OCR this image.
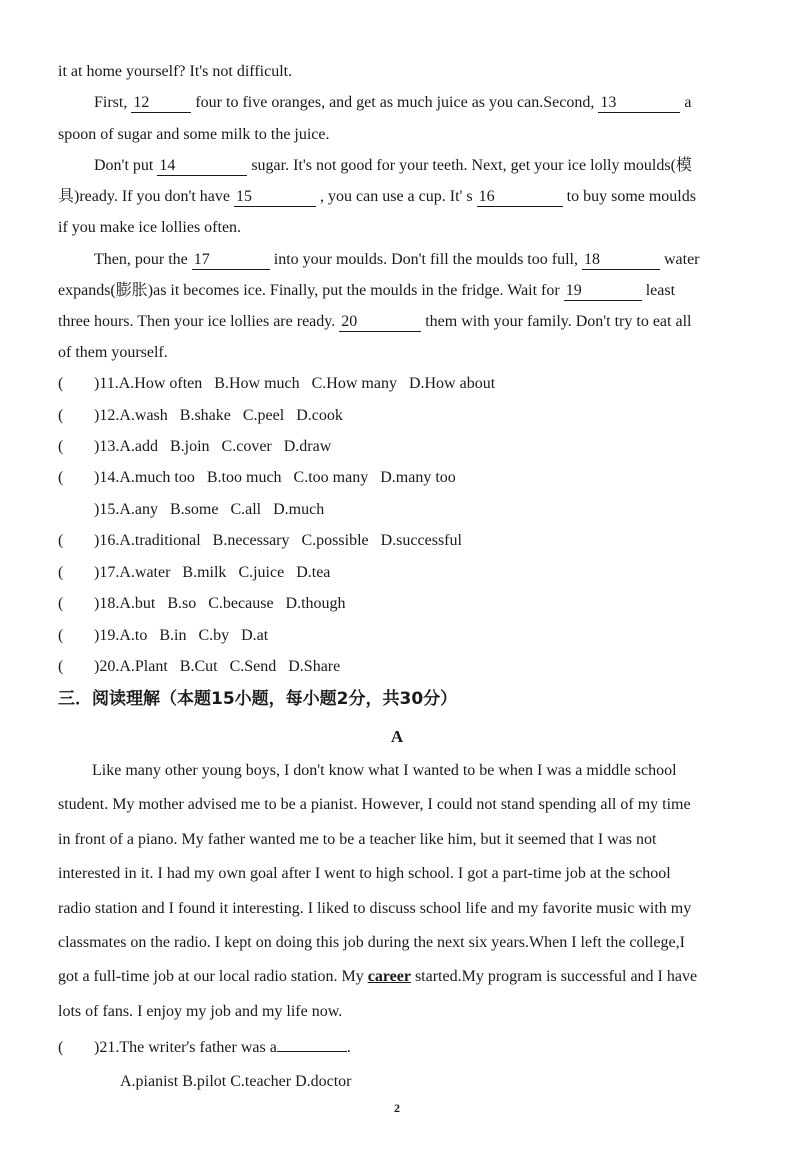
it at home yourself? It's not difficult.
First, 12	four to five oranges, and get as much juice as you can.Second, 13	a
spoon of sugar and some milk to the juice.
Don't put 14	sugar. It's not good for your teeth. Next, get your ice lolly moulds(模
具)ready. If you don't have 15	, you can use a cup. It' s 16	to buy some moulds
if you make ice lollies often.
Then, pour the 17	into your moulds. Don't fill the moulds too full, 18	water
expands(膨胀)as it becomes ice. Finally, put the moulds in the fridge. Wait for 19	least
three hours. Then your ice lollies are ready. 20	them with your family. Don't try to eat all
of them yourself.
( )11.A.How often B.How much C.How many D.How about
( )12.A.wash B.shake C.peel D.cook
( )13.A.add B.join C.cover D.draw
( )14.A.much too B.too much C.too many D.many too
)15.A.any B.some C.all D.much
( )16.A.traditional B.necessary C.possible D.successful
( )17.A.water B.milk C.juice D.tea
( )18.A.but B.so C.because D.though
( )19.A.to B.in C.by D.at
( )20.A.Plant B.Cut C.Send D.Share
三．阅读理解（本题15小题，每小题2分，共30分）
A
Like many other young boys, I don't know what I wanted to be when I was a middle school
student. My mother advised me to be a pianist. However, I could not stand spending all of my time
in front of a piano. My father wanted me to be a teacher like him, but it seemed that I was not
interested in it. I had my own goal after I went to high school. I got a part-time job at the school
radio station and I found it interesting. I liked to discuss school life and my favorite music with my
classmates on the radio. I kept on doing this job during the next six years.When I left the college,I
got a full-time job at our local radio station. My career started.My program is successful and I have
lots of fans. I enjoy my job and my life now.
( )21.The writer's father was a	.
A.pianist B.pilot C.teacher D.doctor
2
